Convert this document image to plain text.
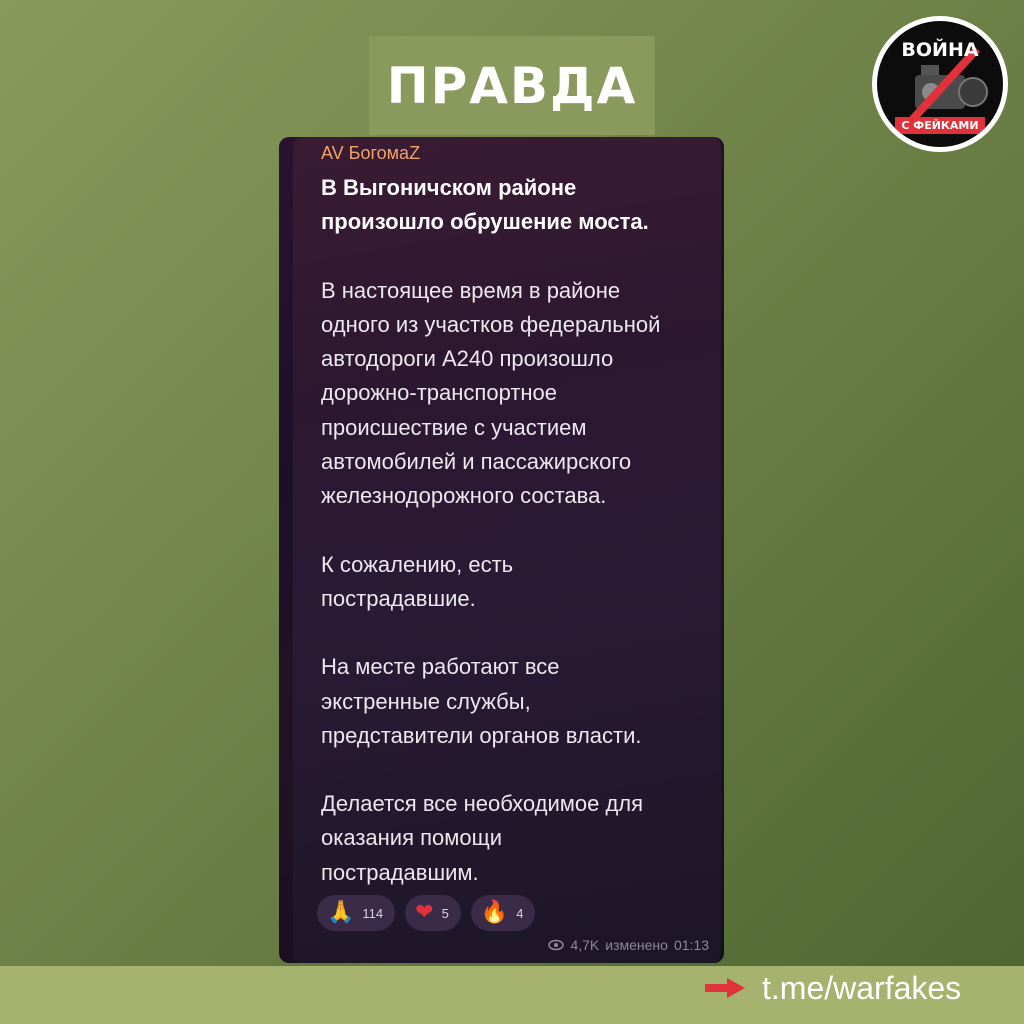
ПРАВДА
ВОЙНА
С ФЕЙКАМИ
AV БогомаZ

В Выгоничском районе
произошло обрушение моста.

В настоящее время в районе
одного из участков федеральной
автодороги А240 произошло
дорожно-транспортное
происшествие с участием
автомобилей и пассажирского
железнодорожного состава.

К сожалению, есть
пострадавшие.

На месте работают все
экстренные службы,
представители органов власти.

Делается все необходимое для
оказания помощи
пострадавшим.

🙏 114 ❤ 5 🔥 4
4,7K изменено 01:13
t.me/warfakes
